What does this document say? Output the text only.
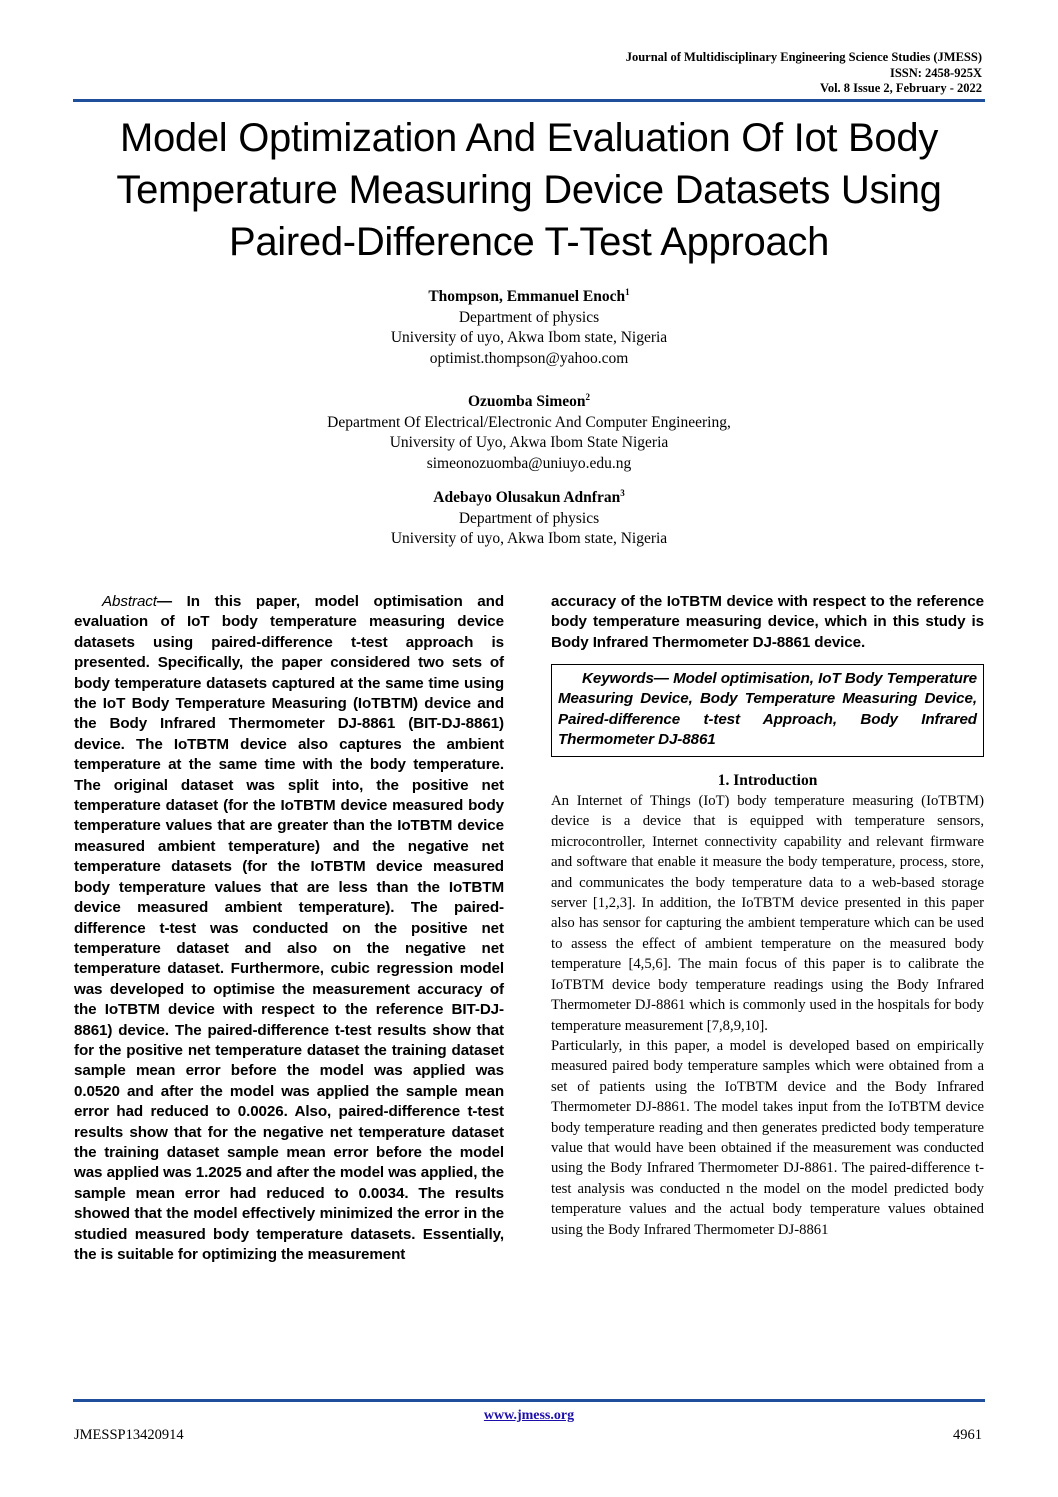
Journal of Multidisciplinary Engineering Science Studies (JMESS)
ISSN: 2458-925X
Vol. 8 Issue 2, February - 2022
Model Optimization And Evaluation Of Iot Body
Temperature Measuring Device Datasets Using
Paired-Difference T-Test Approach
Thompson, Emmanuel Enoch$^1$
Department of physics
University of uyo, Akwa Ibom state, Nigeria
optimist.thompson@yahoo.com
Ozuomba Simeon$^2$
Department Of Electrical/Electronic And Computer Engineering,
University of Uyo, Akwa Ibom State Nigeria
simeonozuomba@uniuyo.edu.ng
Adebayo Olusakun Adnfran$^3$
Department of physics
University of uyo, Akwa Ibom state, Nigeria
Abstract— In this paper, model optimisation and evaluation of IoT body temperature measuring device datasets using paired-difference t-test approach is presented. Specifically, the paper considered two sets of body temperature datasets captured at the same time using the IoT Body Temperature Measuring (IoTBTM) device and the Body Infrared Thermometer DJ-8861 (BIT-DJ-8861) device. The IoTBTM device also captures the ambient temperature at the same time with the body temperature. The original dataset was split into, the positive net temperature dataset (for the IoTBTM device measured body temperature values that are greater than the IoTBTM device measured ambient temperature) and the negative net temperature datasets (for the IoTBTM device measured body temperature values that are less than the IoTBTM device measured ambient temperature). The paired-difference t-test was conducted on the positive net temperature dataset and also on the negative net temperature dataset. Furthermore, cubic regression model was developed to optimise the measurement accuracy of the IoTBTM device with respect to the reference BIT-DJ-8861) device. The paired-difference t-test results show that for the positive net temperature dataset the training dataset sample mean error before the model was applied was 0.0520 and after the model was applied the sample mean error had reduced to 0.0026. Also, paired-difference t-test results show that for the negative net temperature dataset the training dataset sample mean error before the model was applied was 1.2025 and after the model was applied, the sample mean error had reduced to 0.0034. The results showed that the model effectively minimized the error in the studied measured body temperature datasets. Essentially, the is suitable for optimizing the measurement
accuracy of the IoTBTM device with respect to the reference body temperature measuring device, which in this study is Body Infrared Thermometer DJ-8861 device.
Keywords— Model optimisation, IoT Body Temperature Measuring Device, Body Temperature Measuring Device, Paired-difference t-test Approach, Body Infrared Thermometer DJ-8861
1. Introduction

An Internet of Things (IoT) body temperature measuring (IoTBTM) device is a device that is equipped with temperature sensors, microcontroller, Internet connectivity capability and relevant firmware and software that enable it measure the body temperature, process, store, and communicates the body temperature data to a web-based storage server [1,2,3]. In addition, the IoTBTM device presented in this paper also has sensor for capturing the ambient temperature which can be used to assess the effect of ambient temperature on the measured body temperature [4,5,6]. The main focus of this paper is to calibrate the IoTBTM device body temperature readings using the Body Infrared Thermometer DJ-8861 which is commonly used in the hospitals for body temperature measurement [7,8,9,10].

Particularly, in this paper, a model is developed based on empirically measured paired body temperature samples which were obtained from a set of patients using the IoTBTM device and the Body Infrared Thermometer DJ-8861. The model takes input from the IoTBTM device body temperature reading and then generates predicted body temperature value that would have been obtained if the measurement was conducted using the Body Infrared Thermometer DJ-8861. The paired-difference t-test analysis was conducted n the model on the model predicted body temperature values and the actual body temperature values obtained using the Body Infrared Thermometer DJ-8861

www.jmess.org
JMESSP13420914	4961
